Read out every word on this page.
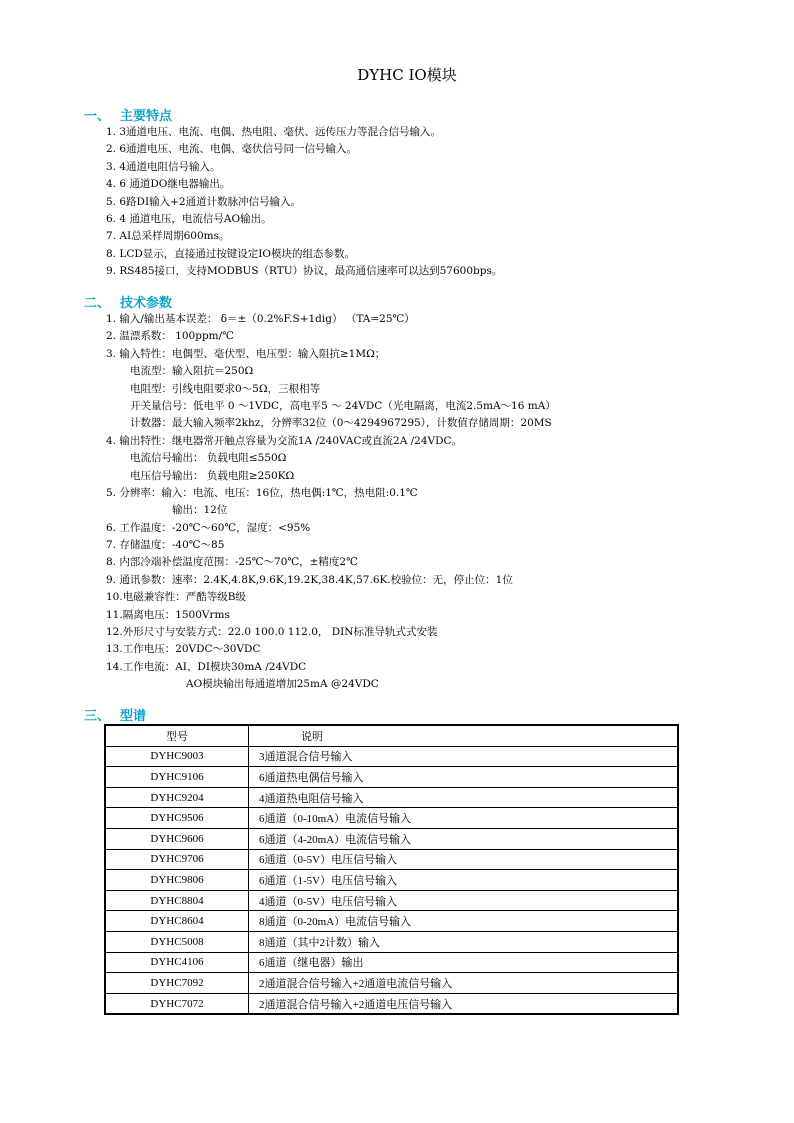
DYHC IO模块
一、 主要特点
1. 3通道电压、电流、电偶、热电阻、毫伏、远传压力等混合信号输入。
2. 6通道电压、电流、电偶、毫伏信号同一信号输入。
3. 4通道电阻信号输入。
4. 6 通道DO继电器输出。
5. 6路DI输入+2通道计数脉冲信号输入。
6. 4 通道电压，电流信号AO输出。
7. AI总采样周期600ms。
8. LCD显示，直接通过按键设定IO模块的组态参数。
9. RS485接口，支持MODBUS（RTU）协议，最高通信速率可以达到57600bps。
二、 技术参数
1. 输入/输出基本误差： δ＝±（0.2%F.S+1dig） （TA=25℃）
2. 温漂系数： 100ppm/℃
3. 输入特性：电偶型、毫伏型、电压型：输入阻抗≥1MΩ；
电流型：输入阻抗＝250Ω
电阻型：引线电阻要求0～5Ω，三根相等
开关量信号：低电平 0 ～1VDC，高电平5 ～ 24VDC（光电隔离，电流2.5mA～16 mA）
计数器：最大输入频率2khz，分辨率32位（0～4294967295），计数值存储周期：20MS
4. 输出特性：继电器常开触点容量为交流1A /240VAC或直流2A /24VDC。
电流信号输出： 负载电阻≤550Ω
电压信号输出： 负载电阻≥250KΩ
5. 分辨率：输入：电流、电压：16位，热电偶:1℃，热电阻:0.1℃
输出：12位
6. 工作温度：-20℃～60℃，湿度：<95%
7. 存储温度：-40℃～85
8. 内部冷端补偿温度范围：-25℃～70℃，±精度2℃
9. 通讯参数：速率：2.4K,4.8K,9.6K,19.2K,38.4K,57.6K.校验位：无，停止位：1位
10.电磁兼容性：严酷等级B级
11.隔离电压：1500Vrms
12.外形尺寸与安装方式：22.0 100.0 112.0， DIN标准导轨式式安装
13.工作电压：20VDC～30VDC
14.工作电流：AI、DI模块30mA /24VDC
AO模块输出每通道增加25mA @24VDC
三、 型谱
型号	说明
DYHC9003	3通道混合信号输入
DYHC9106	6通道热电偶信号输入
DYHC9204	4通道热电阻信号输入
DYHC9506	6通道（0-10mA）电流信号输入
DYHC9606	6通道（4-20mA）电流信号输入
DYHC9706	6通道（0-5V）电压信号输入
DYHC9806	6通道（1-5V）电压信号输入
DYHC8804	4通道（0-5V）电压信号输入
DYHC8604	8通道（0-20mA）电流信号输入
DYHC5008	8通道（其中2计数）输入
DYHC4106	6通道（继电器）输出
DYHC7092	2通道混合信号输入+2通道电流信号输入
DYHC7072	2通道混合信号输入+2通道电压信号输入
